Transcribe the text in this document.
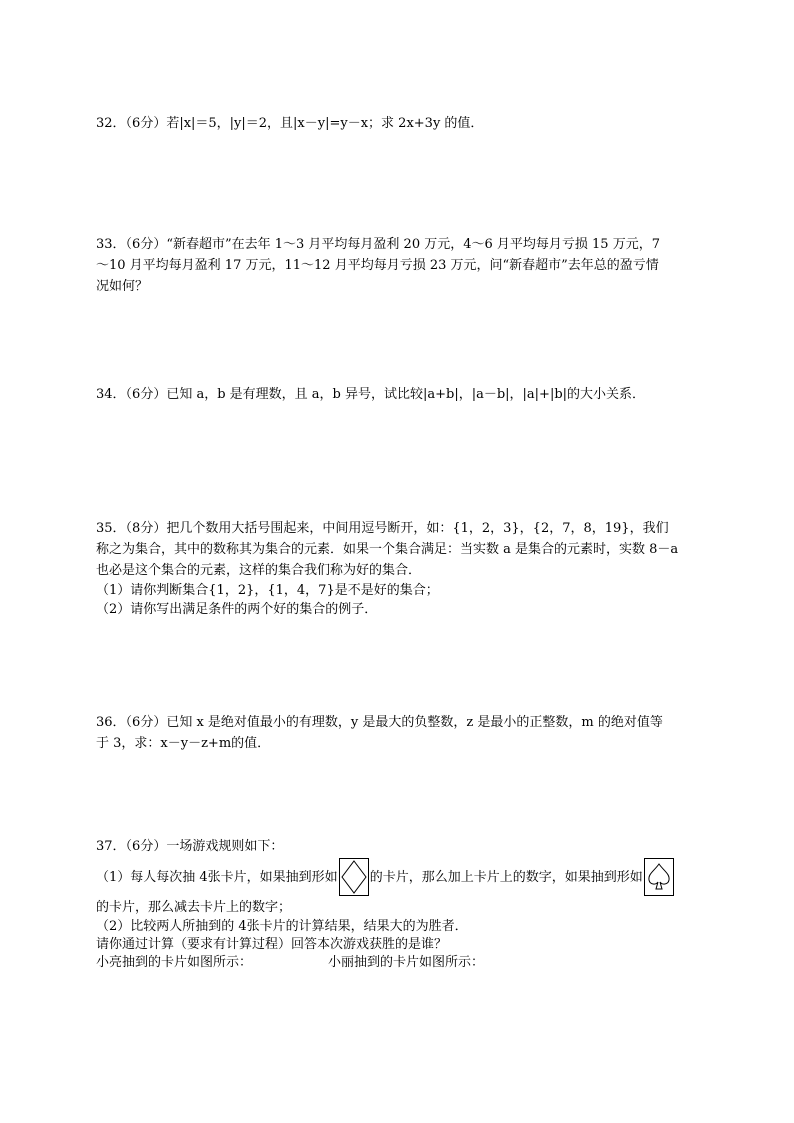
32．（6分）若|x|＝5，|y|＝2，且|x－y|=y－x；求 2x+3y 的值．
33．（6分）“新春超市”在去年 1～3 月平均每月盈利 20 万元，4～6 月平均每月亏损 15 万元，7
～10 月平均每月盈利 17 万元，11～12 月平均每月亏损 23 万元，问“新春超市”去年总的盈亏情
况如何？
34．（6分）已知 a，b 是有理数，且 a，b 异号，试比较|a+b|，|a－b|，|a|+|b|的大小关系．
35．（8分）把几个数用大括号围起来，中间用逗号断开，如：{1，2，3}，{2，7，8，19}，我们
称之为集合，其中的数称其为集合的元素．如果一个集合满足：当实数 a 是集合的元素时，实数 8－a
也必是这个集合的元素，这样的集合我们称为好的集合．
（1）请你判断集合{1，2}，{1，4，7}是不是好的集合；
（2）请你写出满足条件的两个好的集合的例子．
36．（6分）已知 x 是绝对值最小的有理数，y 是最大的负整数，z 是最小的正整数，m 的绝对值等
于 3，求：x－y－z+m的值．
37．（6分）一场游戏规则如下：
（1）每人每次抽 4张卡片，如果抽到形如 的卡片，那么加上卡片上的数字，如果抽到形如
的卡片，那么减去卡片上的数字；
（2）比较两人所抽到的 4张卡片的计算结果，结果大的为胜者．
请你通过计算（要求有计算过程）回答本次游戏获胜的是谁？
小亮抽到的卡片如图所示：	小丽抽到的卡片如图所示：
